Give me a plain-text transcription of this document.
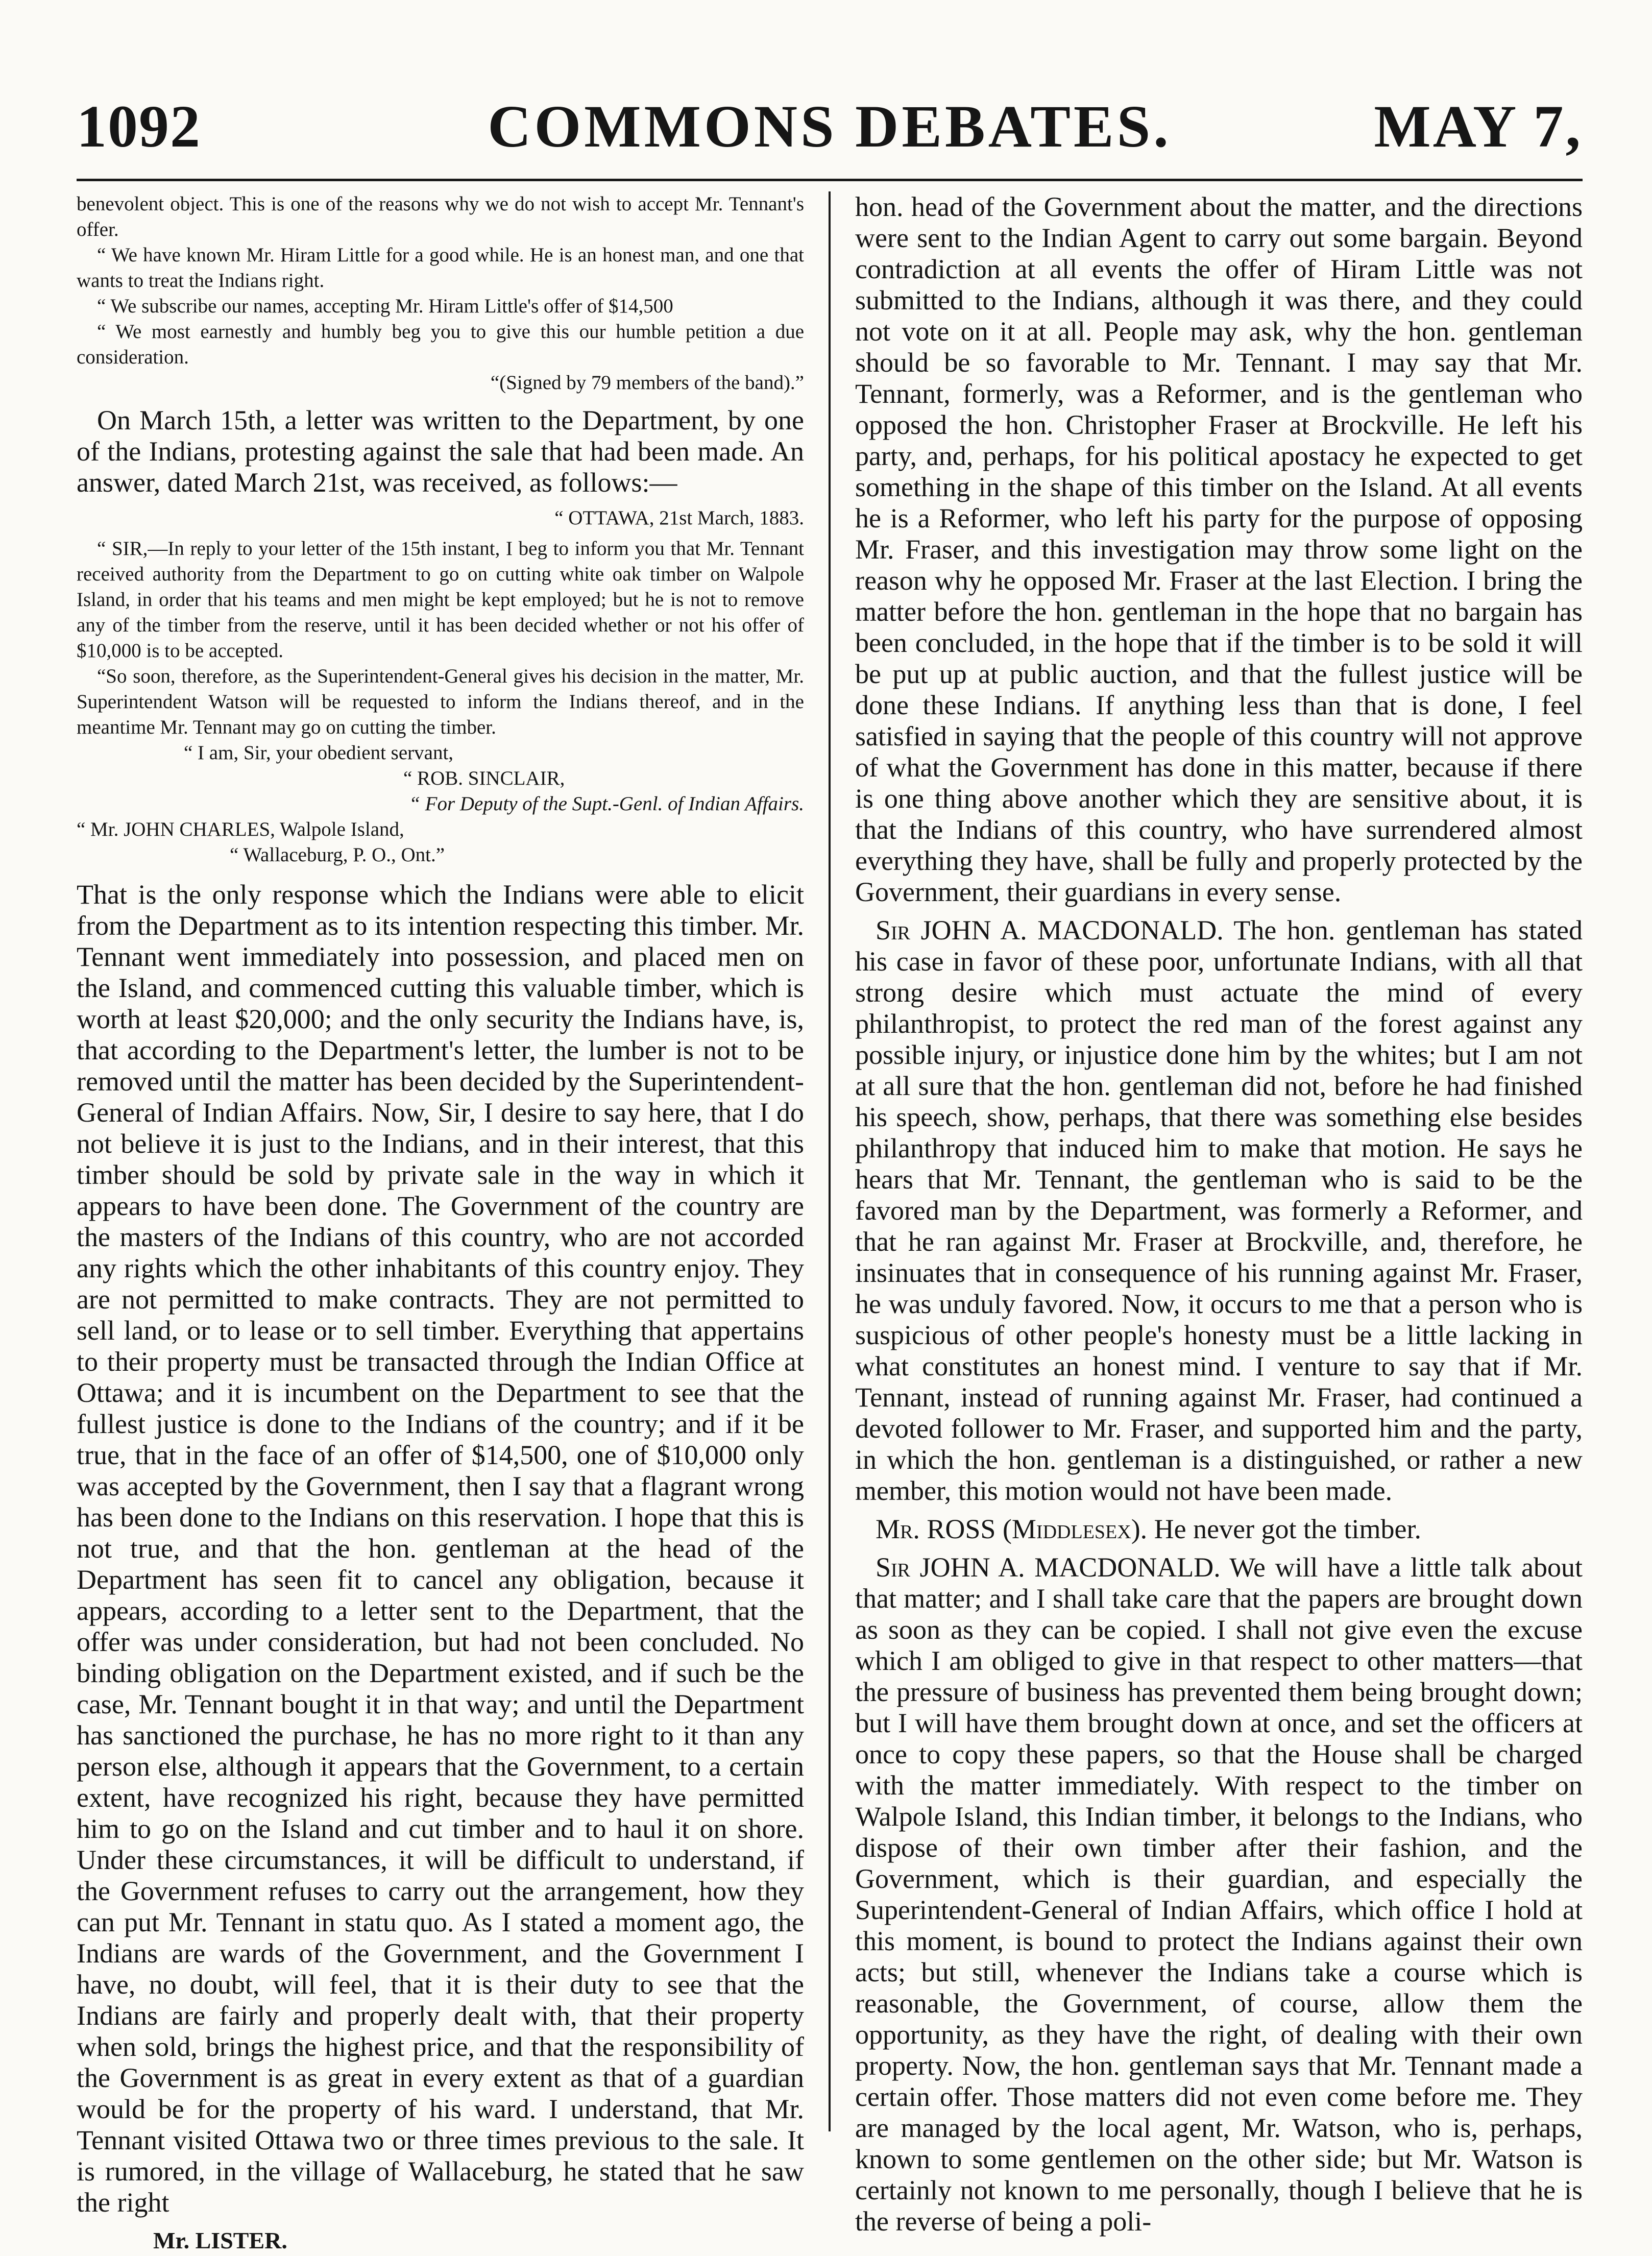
1092	COMMONS DEBATES.	MAY 7,

benevolent object. This is one of the reasons why we do not wish to accept Mr. Tennant's offer.

“ We have known Mr. Hiram Little for a good while. He is an honest man, and one that wants to treat the Indians right.

“ We subscribe our names, accepting Mr. Hiram Little's offer of $14,500

“ We most earnestly and humbly beg you to give this our humble petition a due consideration.

“(Signed by 79 members of the band).”

On March 15th, a letter was written to the Department, by one of the Indians, protesting against the sale that had been made. An answer, dated March 21st, was received, as follows:—

“ OTTAWA, 21st March, 1883.

“ SIR,—In reply to your letter of the 15th instant, I beg to inform you that Mr. Tennant received authority from the Department to go on cutting white oak timber on Walpole Island, in order that his teams and men might be kept employed; but he is not to remove any of the timber from the reserve, until it has been decided whether or not his offer of $10,000 is to be accepted.

“So soon, therefore, as the Superintendent-General gives his decision in the matter, Mr. Superintendent Watson will be requested to inform the Indians thereof, and in the meantime Mr. Tennant may go on cutting the timber.

“ I am, Sir, your obedient servant,

“ ROB. SINCLAIR,

“ For Deputy of the Supt.-Genl. of Indian Affairs.

“ Mr. JOHN CHARLES, Walpole Island,

“ Wallaceburg, P. O., Ont.”

That is the only response which the Indians were able to elicit from the Department as to its intention respecting this timber. Mr. Tennant went immediately into possession, and placed men on the Island, and commenced cutting this valuable timber, which is worth at least $20,000; and the only security the Indians have, is, that according to the Department's letter, the lumber is not to be removed until the matter has been decided by the Superintendent-General of Indian Affairs. Now, Sir, I desire to say here, that I do not believe it is just to the Indians, and in their interest, that this timber should be sold by private sale in the way in which it appears to have been done. The Government of the country are the masters of the Indians of this country, who are not accorded any rights which the other inhabitants of this country enjoy. They are not permitted to make contracts. They are not permitted to sell land, or to lease or to sell timber. Everything that appertains to their property must be transacted through the Indian Office at Ottawa; and it is incumbent on the Department to see that the fullest justice is done to the Indians of the country; and if it be true, that in the face of an offer of $14,500, one of $10,000 only was accepted by the Government, then I say that a flagrant wrong has been done to the Indians on this reservation. I hope that this is not true, and that the hon. gentleman at the head of the Department has seen fit to cancel any obligation, because it appears, according to a letter sent to the Department, that the offer was under consideration, but had not been concluded. No binding obligation on the Department existed, and if such be the case, Mr. Tennant bought it in that way; and until the Department has sanctioned the purchase, he has no more right to it than any person else, although it appears that the Government, to a certain extent, have recognized his right, because they have permitted him to go on the Island and cut timber and to haul it on shore. Under these circumstances, it will be difficult to understand, if the Government refuses to carry out the arrangement, how they can put Mr. Tennant in statu quo. As I stated a moment ago, the Indians are wards of the Government, and the Government I have, no doubt, will feel, that it is their duty to see that the Indians are fairly and properly dealt with, that their property when sold, brings the highest price, and that the responsibility of the Government is as great in every extent as that of a guardian would be for the property of his ward. I understand, that Mr. Tennant visited Ottawa two or three times previous to the sale. It is rumored, in the village of Wallaceburg, he stated that he saw the right

Mr. LISTER.

hon. head of the Government about the matter, and the directions were sent to the Indian Agent to carry out some bargain. Beyond contradiction at all events the offer of Hiram Little was not submitted to the Indians, although it was there, and they could not vote on it at all. People may ask, why the hon. gentleman should be so favorable to Mr. Tennant. I may say that Mr. Tennant, formerly, was a Reformer, and is the gentleman who opposed the hon. Christopher Fraser at Brockville. He left his party, and, perhaps, for his political apostacy he expected to get something in the shape of this timber on the Island. At all events he is a Reformer, who left his party for the purpose of opposing Mr. Fraser, and this investigation may throw some light on the reason why he opposed Mr. Fraser at the last Election. I bring the matter before the hon. gentleman in the hope that no bargain has been concluded, in the hope that if the timber is to be sold it will be put up at public auction, and that the fullest justice will be done these Indians. If anything less than that is done, I feel satisfied in saying that the people of this country will not approve of what the Government has done in this matter, because if there is one thing above another which they are sensitive about, it is that the Indians of this country, who have surrendered almost everything they have, shall be fully and properly protected by the Government, their guardians in every sense.

Sir JOHN A. MACDONALD. The hon. gentleman has stated his case in favor of these poor, unfortunate Indians, with all that strong desire which must actuate the mind of every philanthropist, to protect the red man of the forest against any possible injury, or injustice done him by the whites; but I am not at all sure that the hon. gentleman did not, before he had finished his speech, show, perhaps, that there was something else besides philanthropy that induced him to make that motion. He says he hears that Mr. Tennant, the gentleman who is said to be the favored man by the Department, was formerly a Reformer, and that he ran against Mr. Fraser at Brockville, and, therefore, he insinuates that in consequence of his running against Mr. Fraser, he was unduly favored. Now, it occurs to me that a person who is suspicious of other people's honesty must be a little lacking in what constitutes an honest mind. I venture to say that if Mr. Tennant, instead of running against Mr. Fraser, had continued a devoted follower to Mr. Fraser, and supported him and the party, in which the hon. gentleman is a distinguished, or rather a new member, this motion would not have been made.

Mr. ROSS (Middlesex). He never got the timber.

Sir JOHN A. MACDONALD. We will have a little talk about that matter; and I shall take care that the papers are brought down as soon as they can be copied. I shall not give even the excuse which I am obliged to give in that respect to other matters—that the pressure of business has prevented them being brought down; but I will have them brought down at once, and set the officers at once to copy these papers, so that the House shall be charged with the matter immediately. With respect to the timber on Walpole Island, this Indian timber, it belongs to the Indians, who dispose of their own timber after their fashion, and the Government, which is their guardian, and especially the Superintendent-General of Indian Affairs, which office I hold at this moment, is bound to protect the Indians against their own acts; but still, whenever the Indians take a course which is reasonable, the Government, of course, allow them the opportunity, as they have the right, of dealing with their own property. Now, the hon. gentleman says that Mr. Tennant made a certain offer. Those matters did not even come before me. They are managed by the local agent, Mr. Watson, who is, perhaps, known to some gentlemen on the other side; but Mr. Watson is certainly not known to me personally, though I believe that he is the reverse of being a poli-
